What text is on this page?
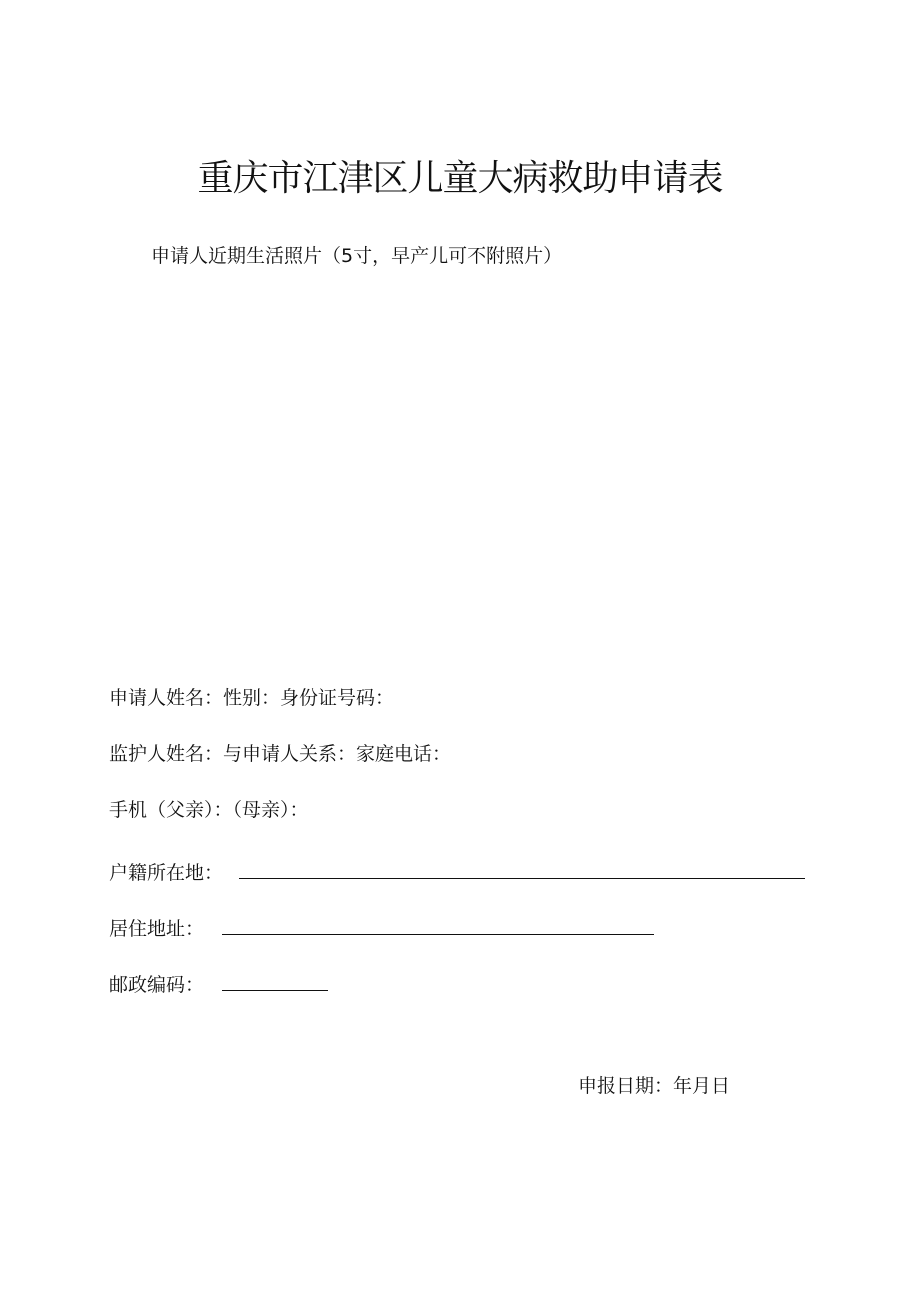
重庆市江津区儿童大病救助申请表
申请人近期生活照片（5寸，早产儿可不附照片）
申请人姓名：性别：身份证号码：
监护人姓名：与申请人关系：家庭电话：
手机（父亲）：（母亲）：
户籍所在地：
居住地址：
邮政编码：
申报日期：年月日
